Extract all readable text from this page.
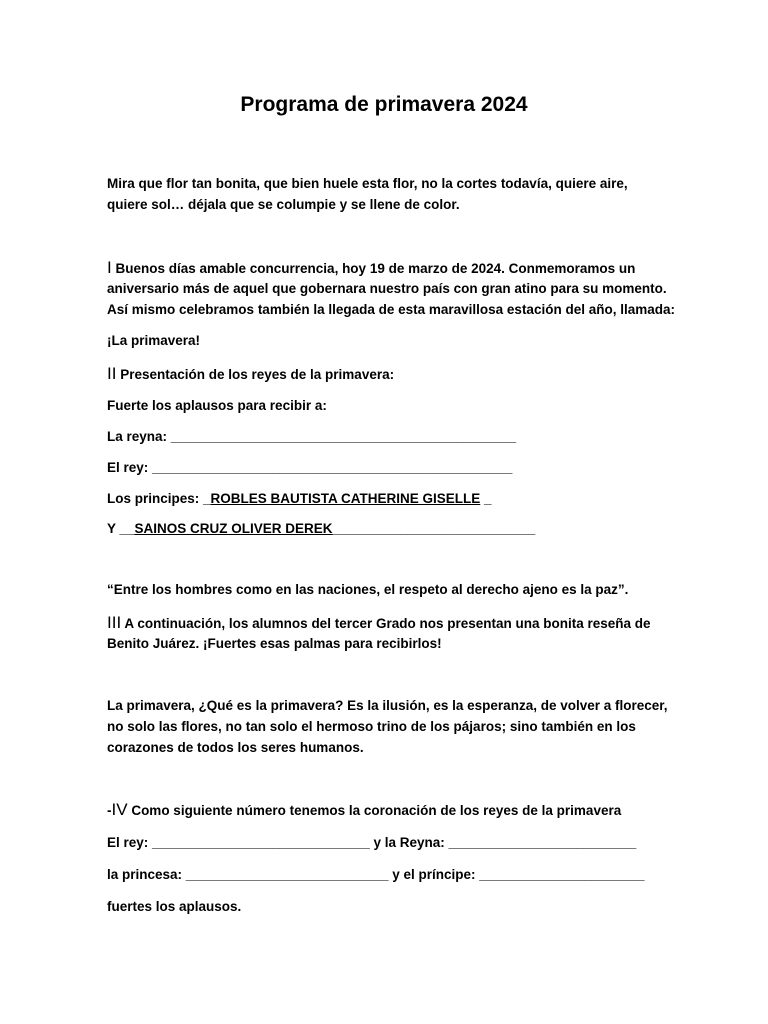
Programa de primavera 2024
Mira que flor tan bonita, que bien huele esta flor, no la cortes todavía, quiere aire,
quiere sol… déjala que se columpie y se llene de color.
I Buenos días amable concurrencia, hoy 19 de marzo de 2024. Conmemoramos un
aniversario más de aquel que gobernara nuestro país con gran atino para su momento.
Así mismo celebramos también la llegada de esta maravillosa estación del año, llamada:
¡La primavera!
II Presentación de los reyes de la primavera:
Fuerte los aplausos para recibir a:
La reyna: ______________________________________________
El rey: ________________________________________________
Los principes: _ROBLES BAUTISTA CATHERINE GISELLE _
Y __SAINOS CRUZ OLIVER DEREK___________________________
“Entre los hombres como en las naciones, el respeto al derecho ajeno es la paz”.
III A continuación, los alumnos del tercer Grado nos presentan una bonita reseña de
Benito Juárez. ¡Fuertes esas palmas para recibirlos!
La primavera, ¿Qué es la primavera? Es la ilusión, es la esperanza, de volver a florecer,
no solo las flores, no tan solo el hermoso trino de los pájaros; sino también en los
corazones de todos los seres humanos.
-IV Como siguiente número tenemos la coronación de los reyes de la primavera
El rey: _____________________________ y la Reyna: _________________________
la princesa: ___________________________ y el príncipe: ______________________
fuertes los aplausos.
